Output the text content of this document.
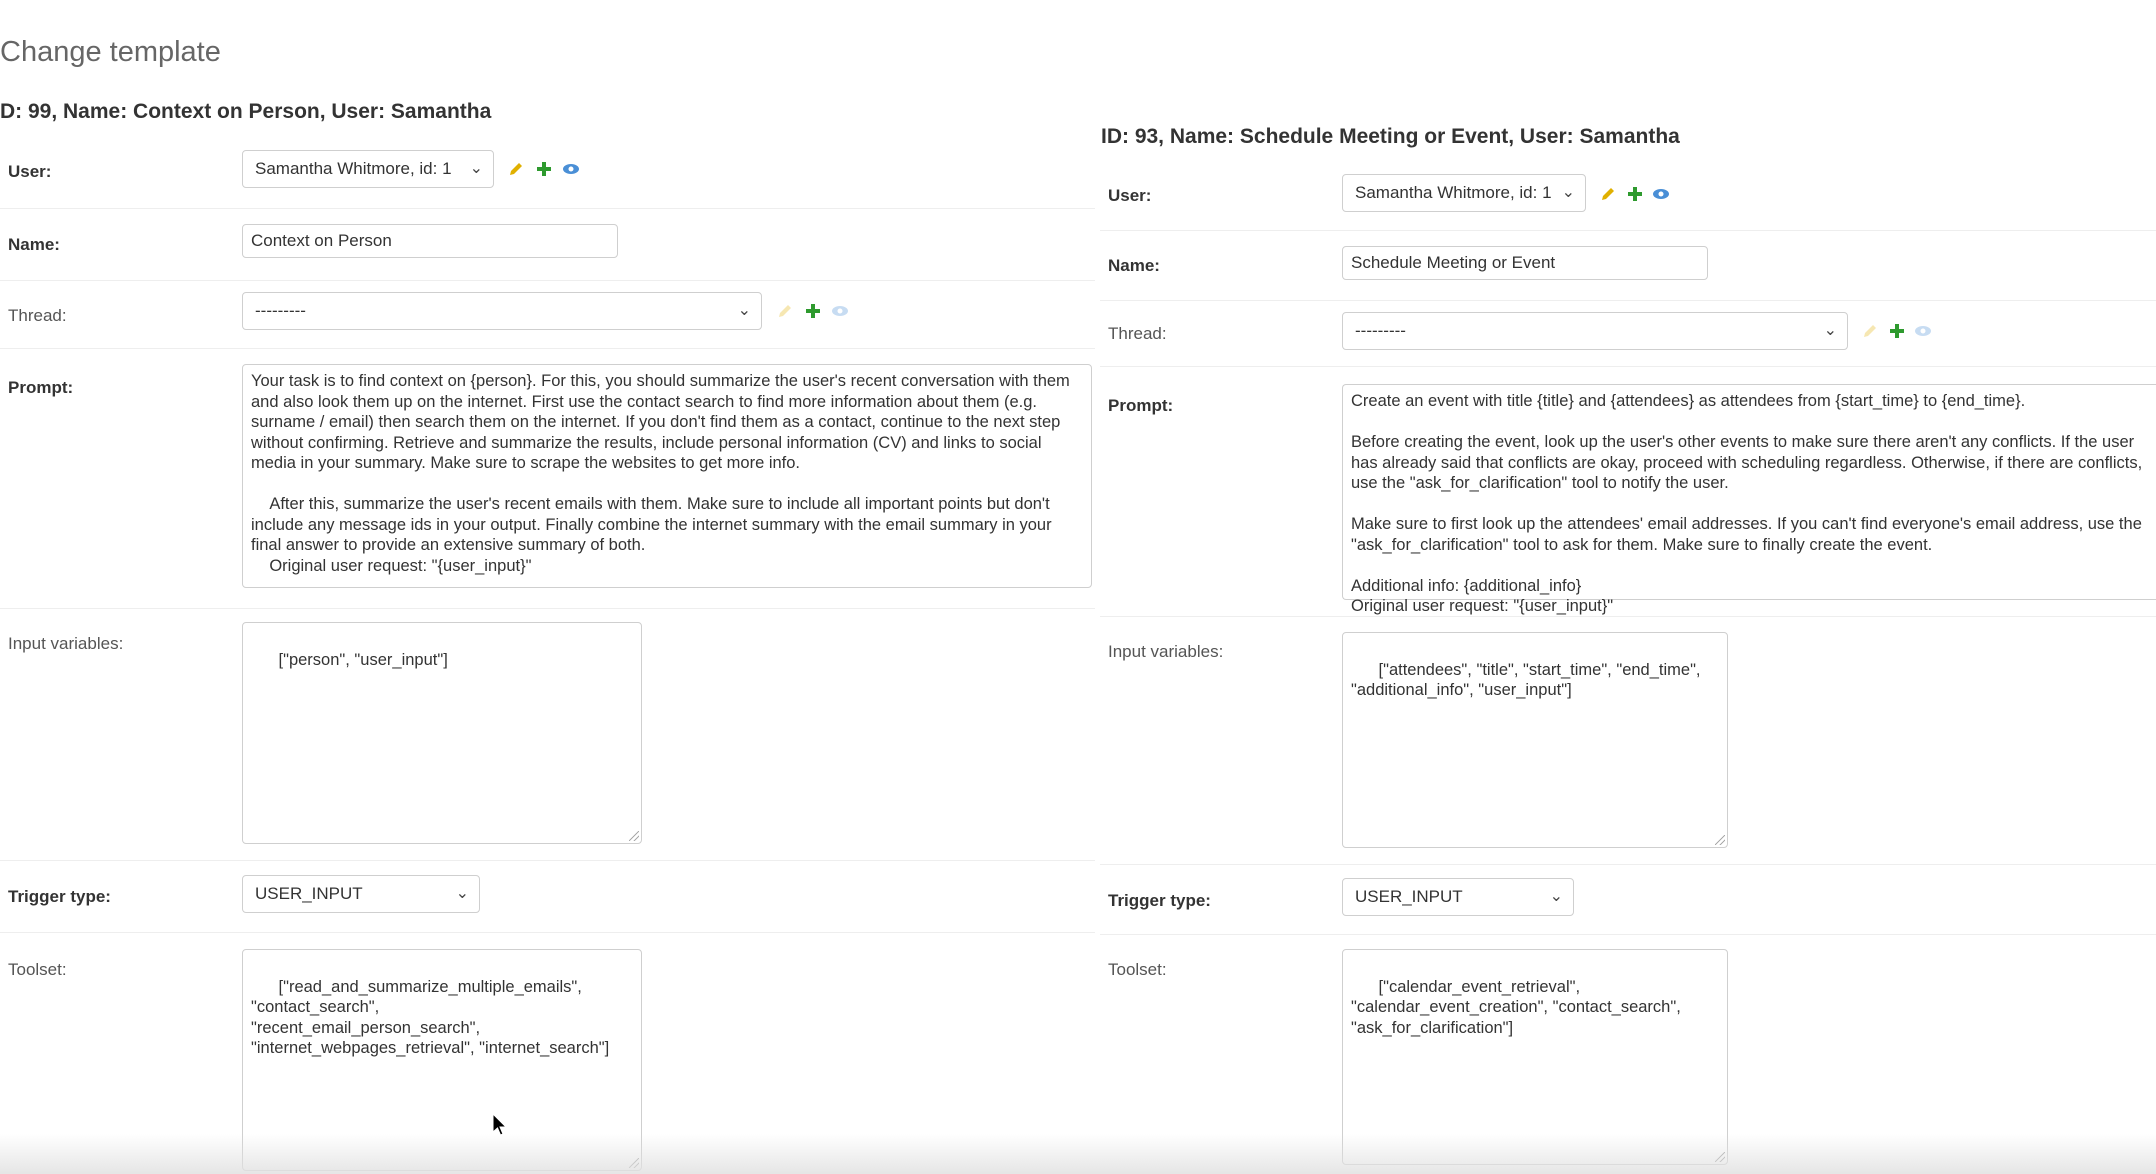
Change template
D: 99, Name: Context on Person, User: Samantha
User:	Samantha Whitmore, id: 1 ⌄
Name:	Context on Person
Thread:	---------	⌄
Prompt:	Your task is to find context on {person}. For this, you should summarize the user's recent conversation with them and also look them up on the internet. First use the contact search to find more information about them (e.g. surname / email) then search them on the internet. If you don't find them as a contact, continue to the next step without confirming. Retrieve and summarize the results, include personal information (CV) and links to social media in your summary. Make sure to scrape the websites to get more info.

After this, summarize the user's recent emails with them. Make sure to include all important points but don't include any message ids in your output. Finally combine the internet summary with the email summary in your final answer to provide an extensive summary of both.
Original user request: "{user_input}"
Input variables:

["person", "user_input"]

Trigger type:	USER_INPUT	⌄
Toolset:

["read_and_summarize_multiple_emails",
"contact_search",
"recent_email_person_search",
"internet_webpages_retrieval", "internet_search"]

ID: 93, Name: Schedule Meeting or Event, User: Samantha
User:	Samantha Whitmore, id: 1 ⌄
Name:	Schedule Meeting or Event
Thread:	---------	⌄
Prompt:	Create an event with title {title} and {attendees} as attendees from {start_time} to {end_time}.

Before creating the event, look up the user's other events to make sure there aren't any conflicts. If the user has already said that conflicts are okay, proceed with scheduling regardless. Otherwise, if there are conflicts, use the "ask_for_clarification" tool to notify the user.

Make sure to first look up the attendees' email addresses. If you can't find everyone's email address, use the "ask_for_clarification" tool to ask for them. Make sure to finally create the event.

Additional info: {additional_info}
Original user request: "{user_input}"
Input variables:

["attendees", "title", "start_time", "end_time",
"additional_info", "user_input"]

Trigger type:	USER_INPUT	⌄
Toolset:

["calendar_event_retrieval",
"calendar_event_creation", "contact_search",
"ask_for_clarification"]
